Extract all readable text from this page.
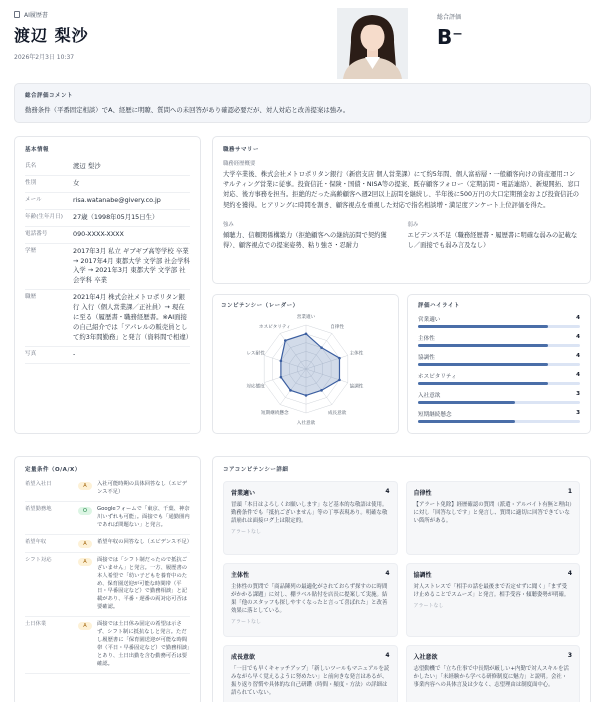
AI履歴書
渡辺 梨沙
2026年2月3日 10:37
総合評価
B⁻
総合評価コメント
勤務条件（平番固定相談）でA、経歴に明瞭、質問への未回答があり確認必要だが、対人対応と改善提案は強み。
基本情報
氏名	渡辺 梨沙
性別	女
メール	risa.watanabe@givery.co.jp
年齢(生年月日)	27歳（1998年05月15日生）
電話番号	090-XXXX-XXXX
学歴	2017年3月 私立 ギブギブ高等学校 卒業 → 2017年4月 東都大学 文学部 社会学科 入学 → 2021年3月 東都大学 文学部 社会学科 卒業
職歴	2021年4月 株式会社メトロポリタン銀行 入行（個人営業課／正社員）→ 現在に至る（履歴書・職務経歴書。※AI面接の自己紹介では「アパレルの販売員として約3年間勤務」と発言（資料間で相違）
写真	-
職務サマリー
職務経歴概要
大学卒業後、株式会社メトロポリタン銀行（新宿支店 個人営業課）にて約5年間、個人富裕層・一般顧客向けの資産運用コンサルティング営業に従事。投資信託・保険・国債・NISA等の提案、既存顧客フォロー（定期訪問・電話連絡）、新規開拓、窓口対応、後方事務を担当。拒絶的だった高齢顧客へ週2回以上訪問を継続し、半年後に500万円の大口定期預金および投資信託の契約を獲得。ヒアリングに時間を割き、顧客視点を重視した対応で指名相談増・満足度アンケート上位評価を得た。
強み
傾聴力、信頼関係構築力（拒絶顧客への継続訪問で契約獲得）、顧客視点での提案姿勢、粘り強さ・忍耐力
弱み
エビデンス不足（職務経歴書・履歴書に明確な弱みの記載なし／面接でも弱み言及なし）
コンピテンシー（レーダー）
営業適い
自律性
主体性
協調性
成長意欲
入社意欲
短期継続懸念
対応態度
レス耐性
ホスピタリティ
評価ハイライト
営業適い	4
主体性	4
協調性	4
ホスピタリティ	4
入社意欲	3
短期継続懸念	3
定量条件（O/A/X）
希望入社日	A	入社可能時期の具体回答なし（エビデンス不足）
希望勤務地	O	Googleフォームで「東京、千葉、神奈川いずれも可能」。面接でも「通勤圏内であれば問題ない」と発言。
希望年収	A	希望年収の回答なし（エビデンス不足）
シフト対応	A	面接では「シフト制だったので抵抗ございません」と発言。一方、履歴書の本人希望で「幼い子どもを養育中のため、保育園送迎が可能な時間帯（平日・早番固定など）で勤務相談」と記載があり、平番・遅番の両対応可否は要確認。
土日休業	A	面接では土日休み固定の希望は示さず、シフト制に抵抗なしと発言。ただし履歴書に「保育園送迎が可能な時間帯（平日・早番固定など）で勤務相談」とあり、土日出勤を含む勤務可否は要確認。
コアコンピテンシー詳細
営業適い	4
冒頭「本日はよろしくお願いします」など基本的な敬語は使用。勤務条件でも「抵抗ございません」等の丁寧表現あり。明確な敬語崩れは面接ログ上は限定的。
アラートなし
自律性	1
【アラート免除】経歴確認の質問（派遣・アルバイト有無と理由）に対し「回答なしです」と発言し、質問に適切に回答できていない箇所がある。
主体性	4
主体性の質問で「商品陳列の最適化がされておらず探すのに時間がかかる課題」に対し、棚ラベル貼付を店長に提案して実施。結果「他のスタッフも探しやすくなったと言って喜ばれた」と改善効果に落としている。
アラートなし
協調性	4
対人ストレスで「相手の話を最後まで否定せずに聞く」「まず受け止めることでスムーズ」と発言。相手受容・傾聴姿勢が明確。
アラートなし
成長意欲	4
「一日でも早くキャッチアップ」「新しいツールもマニュアルを読みながら早く覚えるように努めたい」と前向きな発言はあるが、振り返り習慣や具体的な自己研鑽（時間・頻度・方法）の詳細は語られていない。
入社意欲	3
志望動機で「立ち仕事で中長期が厳しい+内勤で対人スキルを活かしたい」「未経験から学べる研修制度に魅力」と説明。会社・事業内容への具体言及は少なく、志望理由は制度面中心。
